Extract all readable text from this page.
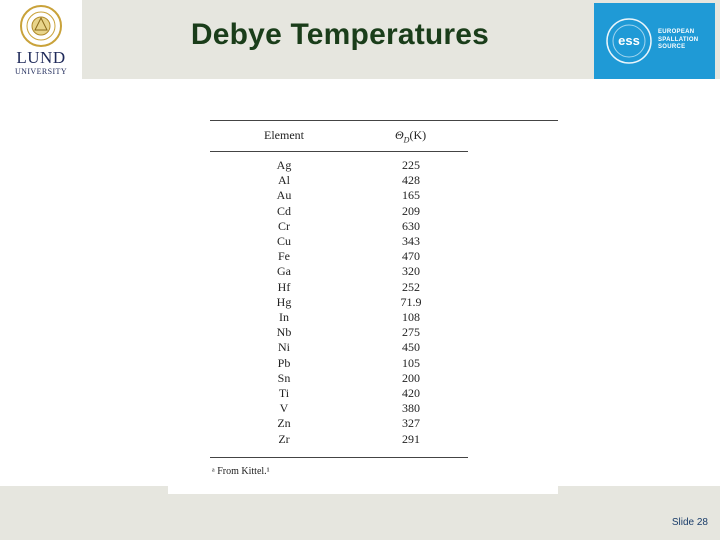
LUND
UNIVERSITY
Debye Temperatures	ess
EUROPEAN
SPALLATION
SOURCE
Element	$\Theta_D(K)$
Ag	225
Al	428
Au	165
Cd	209
Cr	630
Cu	343
Fe	470
Ga	320
Hf	252
Hg	71.9
In	108
Nb	275
Ni	450
Pb	105
Sn	200
Ti	420
V	380
Zn	327
Zr	291
ᵃ From Kittel.¹
Slide 28
